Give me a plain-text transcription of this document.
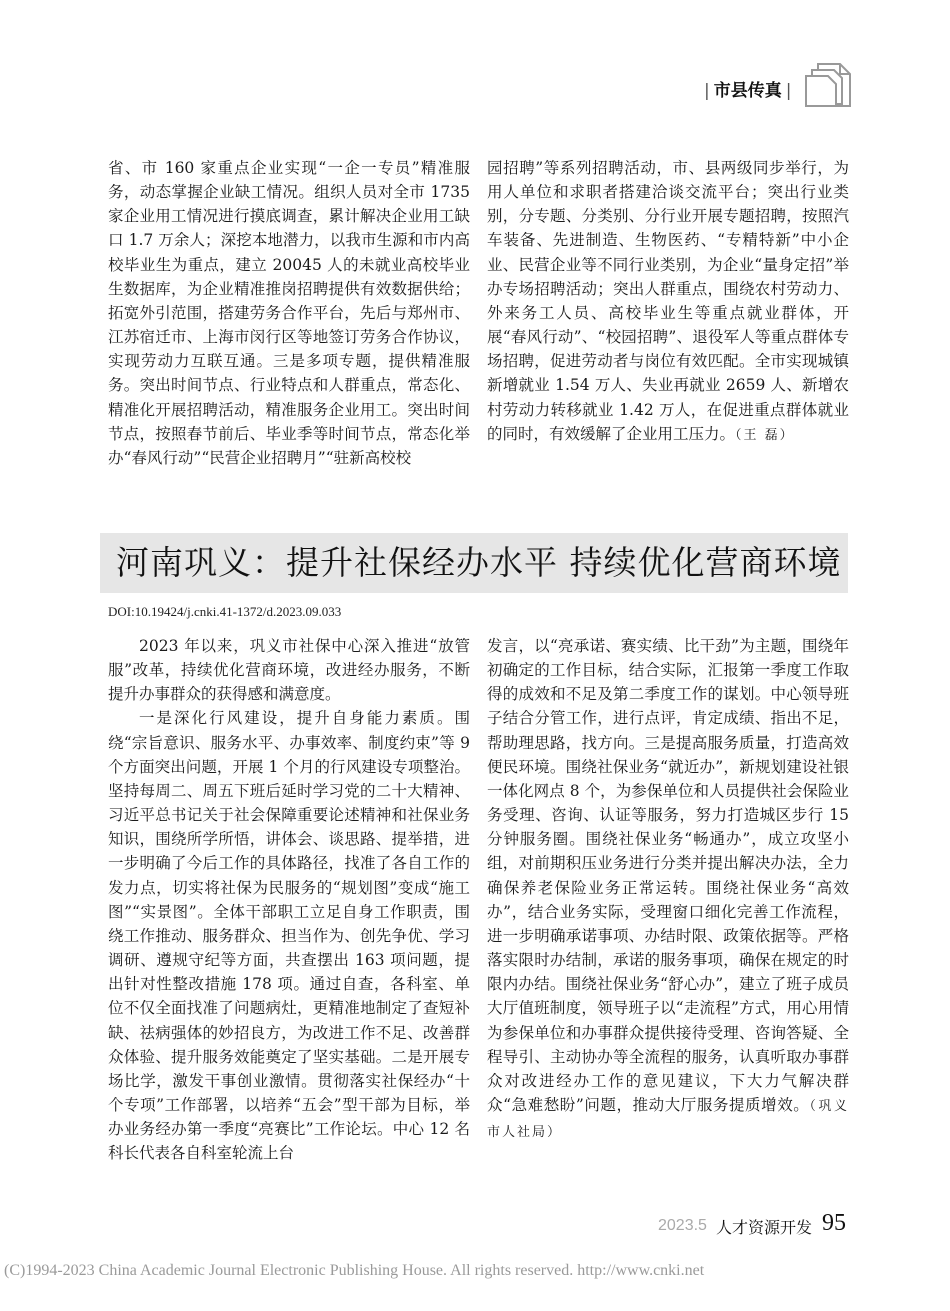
| 市县传真 |

省、市 160 家重点企业实现“一企一专员”精准服务，动态掌握企业缺工情况。组织人员对全市 1735 家企业用工情况进行摸底调查，累计解决企业用工缺口 1.7 万余人；深挖本地潜力，以我市生源和市内高校毕业生为重点，建立 20045 人的未就业高校毕业生数据库，为企业精准推岗招聘提供有效数据供给；拓宽外引范围，搭建劳务合作平台，先后与郑州市、江苏宿迁市、上海市闵行区等地签订劳务合作协议，实现劳动力互联互通。三是多项专题，提供精准服务。突出时间节点、行业特点和人群重点，常态化、精准化开展招聘活动，精准服务企业用工。突出时间节点，按照春节前后、毕业季等时间节点，常态化举办“春风行动”“民营企业招聘月”“驻新高校校

园招聘”等系列招聘活动，市、县两级同步举行，为用人单位和求职者搭建洽谈交流平台；突出行业类别，分专题、分类别、分行业开展专题招聘，按照汽车装备、先进制造、生物医药、“专精特新”中小企业、民营企业等不同行业类别，为企业“量身定招”举办专场招聘活动；突出人群重点，围绕农村劳动力、外来务工人员、高校毕业生等重点就业群体，开展“春风行动”、“校园招聘”、退役军人等重点群体专场招聘，促进劳动者与岗位有效匹配。全市实现城镇新增就业 1.54 万人、失业再就业 2659 人、新增农村劳动力转移就业 1.42 万人，在促进重点群体就业的同时，有效缓解了企业用工压力。（王 磊）

河南巩义：提升社保经办水平 持续优化营商环境
DOI:10.19424/j.cnki.41-1372/d.2023.09.033

2023 年以来，巩义市社保中心深入推进“放管服”改革，持续优化营商环境，改进经办服务，不断提升办事群众的获得感和满意度。

一是深化行风建设，提升自身能力素质。围绕“宗旨意识、服务水平、办事效率、制度约束”等 9 个方面突出问题，开展 1 个月的行风建设专项整治。坚持每周二、周五下班后延时学习党的二十大精神、习近平总书记关于社会保障重要论述精神和社保业务知识，围绕所学所悟，讲体会、谈思路、提举措，进一步明确了今后工作的具体路径，找准了各自工作的发力点，切实将社保为民服务的“规划图”变成“施工图”“实景图”。全体干部职工立足自身工作职责，围绕工作推动、服务群众、担当作为、创先争优、学习调研、遵规守纪等方面，共查摆出 163 项问题，提出针对性整改措施 178 项。通过自查，各科室、单位不仅全面找准了问题病灶，更精准地制定了查短补缺、祛病强体的妙招良方，为改进工作不足、改善群众体验、提升服务效能奠定了坚实基础。二是开展专场比学，激发干事创业激情。贯彻落实社保经办“十个专项”工作部署，以培养“五会”型干部为目标，举办业务经办第一季度“亮赛比”工作论坛。中心 12 名科长代表各自科室轮流上台

发言，以“亮承诺、赛实绩、比干劲”为主题，围绕年初确定的工作目标，结合实际，汇报第一季度工作取得的成效和不足及第二季度工作的谋划。中心领导班子结合分管工作，进行点评，肯定成绩、指出不足，帮助理思路，找方向。三是提高服务质量，打造高效便民环境。围绕社保业务“就近办”，新规划建设社银一体化网点 8 个，为参保单位和人员提供社会保险业务受理、咨询、认证等服务，努力打造城区步行 15 分钟服务圈。围绕社保业务“畅通办”，成立攻坚小组，对前期积压业务进行分类并提出解决办法，全力确保养老保险业务正常运转。围绕社保业务“高效办”，结合业务实际，受理窗口细化完善工作流程，进一步明确承诺事项、办结时限、政策依据等。严格落实限时办结制，承诺的服务事项，确保在规定的时限内办结。围绕社保业务“舒心办”，建立了班子成员大厅值班制度，领导班子以“走流程”方式，用心用情为参保单位和办事群众提供接待受理、咨询答疑、全程导引、主动协办等全流程的服务，认真听取办事群众对改进经办工作的意见建议，下大力气解决群众“急难愁盼”问题，推动大厅服务提质增效。（巩义市人社局）

2023.5 人才资源开发 95
(C)1994-2023 China Academic Journal Electronic Publishing House. All rights reserved. http://www.cnki.net
